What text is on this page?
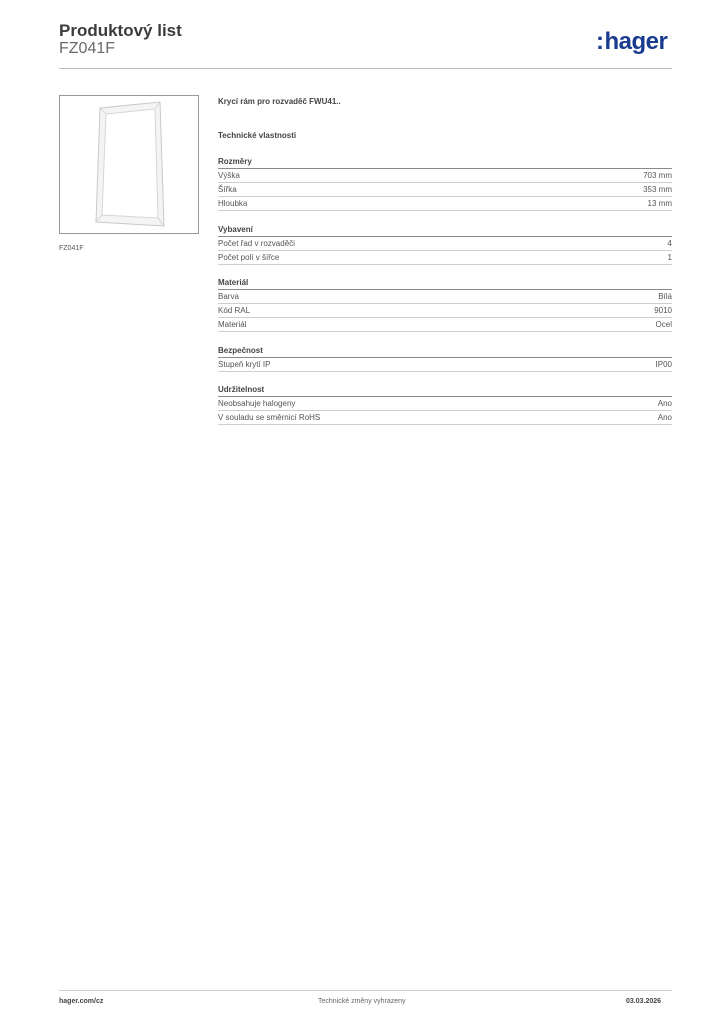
Produktový list
FZ041F	:hager
FZ041F
Krycí rám pro rozvaděč FWU41..
Technické vlastnosti
Rozměry
Výška	703 mm
Šířka	353 mm
Hloubka	13 mm
Vybavení
Počet řad v rozvaděči	4
Počet polí v šířce	1
Materiál
Barva	Bílá
Kód RAL	9010
Materiál	Ocel
Bezpečnost
Stupeň krytí IP	IP00
Udržitelnost
Neobsahuje halogeny	Ano
V souladu se směrnicí RoHS	Ano
hager.com/cz	Technické změny vyhrazeny	03.03.2026
